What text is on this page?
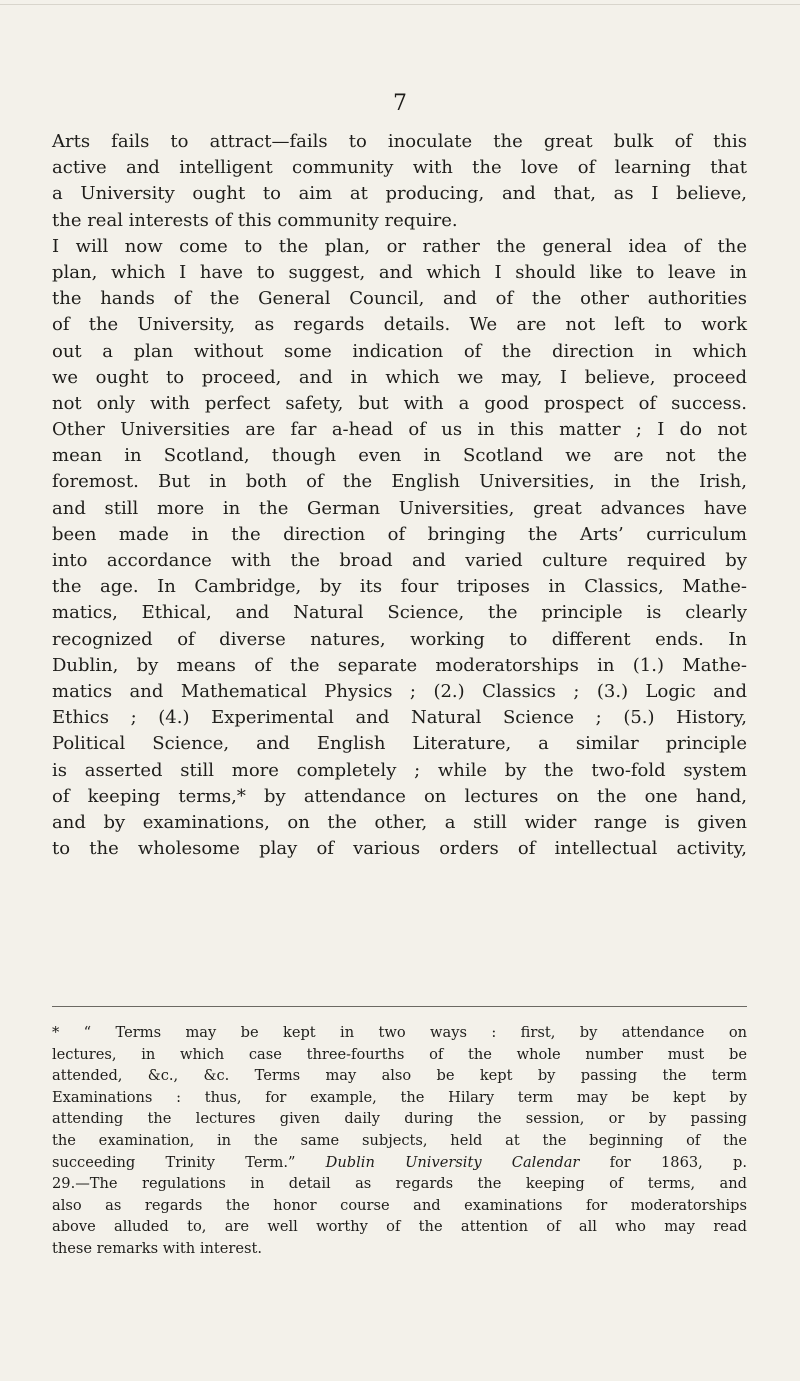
7
Arts fails to attract—fails to inoculate the great bulk of this
active and intelligent community with the love of learning that
a University ought to aim at producing, and that, as I believe,
the real interests of this community require.
I will now come to the plan, or rather the general idea of the
plan, which I have to suggest, and which I should like to leave in
the hands of the General Council, and of the other authorities
of the University, as regards details. We are not left to work
out a plan without some indication of the direction in which
we ought to proceed, and in which we may, I believe, proceed
not only with perfect safety, but with a good prospect of success.
Other Universities are far a-head of us in this matter ; I do not
mean in Scotland, though even in Scotland we are not the
foremost. But in both of the English Universities, in the Irish,
and still more in the German Universities, great advances have
been made in the direction of bringing the Arts’ curriculum
into accordance with the broad and varied culture required by
the age. In Cambridge, by its four triposes in Classics, Mathe-
matics, Ethical, and Natural Science, the principle is clearly
recognized of diverse natures, working to different ends. In
Dublin, by means of the separate moderatorships in (1.) Mathe-
matics and Mathematical Physics ; (2.) Classics ; (3.) Logic and
Ethics ; (4.) Experimental and Natural Science ; (5.) History,
Political Science, and English Literature, a similar principle
is asserted still more completely ; while by the two-fold system
of keeping terms,* by attendance on lectures on the one hand,
and by examinations, on the other, a still wider range is given
to the wholesome play of various orders of intellectual activity,
* “ Terms may be kept in two ways : first, by attendance on
lectures, in which case three-fourths of the whole number must be
attended, &c., &c. Terms may also be kept by passing the term
Examinations : thus, for example, the Hilary term may be kept by
attending the lectures given daily during the session, or by passing
the examination, in the same subjects, held at the beginning of the
succeeding Trinity Term.” Dublin University Calendar for 1863, p.
29.—The regulations in detail as regards the keeping of terms, and
also as regards the honor course and examinations for moderatorships
above alluded to, are well worthy of the attention of all who may read
these remarks with interest.
